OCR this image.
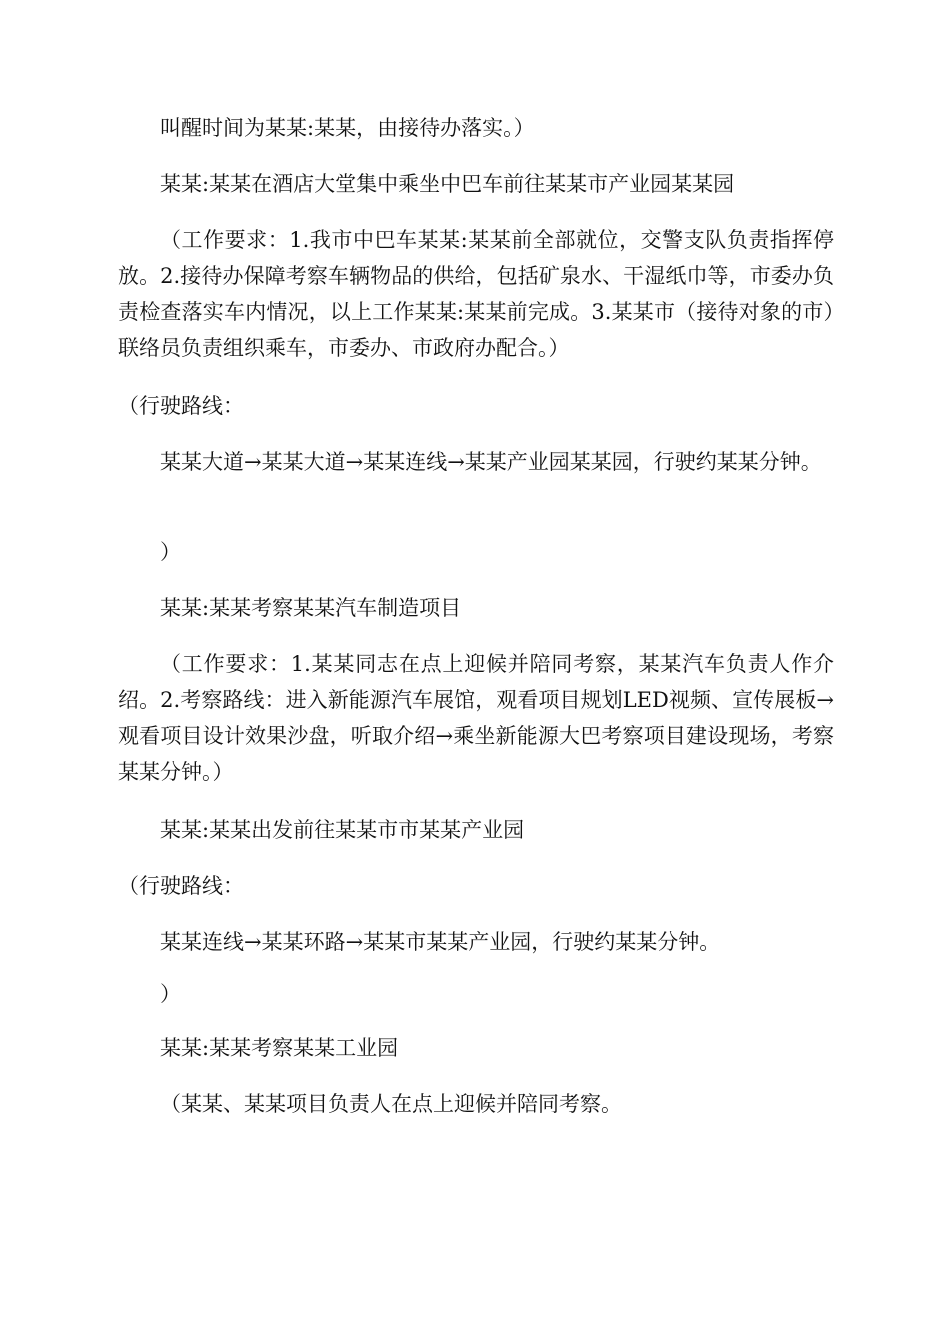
叫醒时间为某某:某某，由接待办落实。）

某某:某某在酒店大堂集中乘坐中巴车前往某某市产业园某某园

（工作要求：1.我市中巴车某某:某某前全部就位，交警支队负责指挥停放。2.接待办保障考察车辆物品的供给，包括矿泉水、干湿纸巾等，市委办负责检查落实车内情况，以上工作某某:某某前完成。3.某某市（接待对象的市）联络员负责组织乘车，市委办、市政府办配合。）

（行驶路线：

某某大道→某某大道→某某连线→某某产业园某某园，行驶约某某分钟。

）

某某:某某考察某某汽车制造项目

（工作要求：1.某某同志在点上迎候并陪同考察，某某汽车负责人作介绍。2.考察路线：进入新能源汽车展馆，观看项目规划LED视频、宣传展板→观看项目设计效果沙盘，听取介绍→乘坐新能源大巴考察项目建设现场，考察某某分钟。）

某某:某某出发前往某某市市某某产业园

（行驶路线：

某某连线→某某环路→某某市某某产业园，行驶约某某分钟。

）

某某:某某考察某某工业园

（某某、某某项目负责人在点上迎候并陪同考察。
